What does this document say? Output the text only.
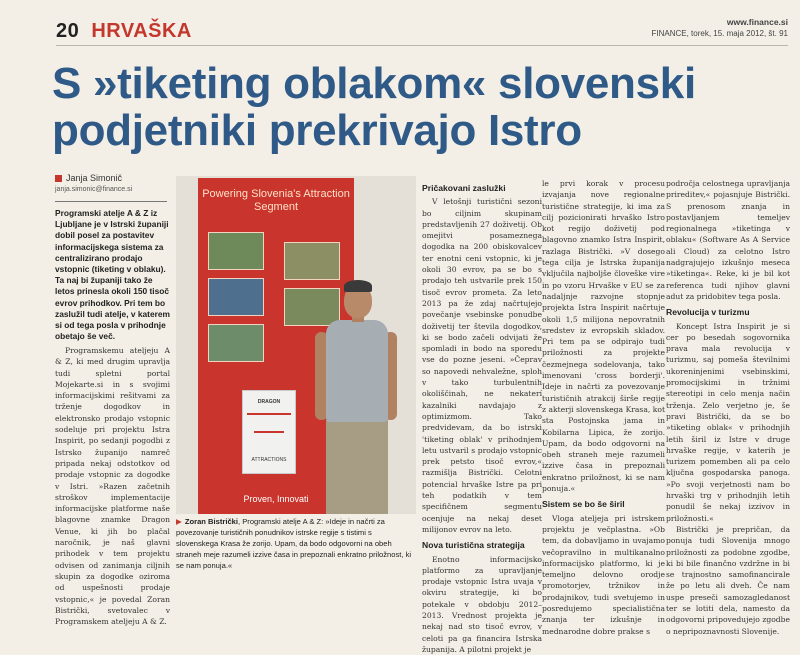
20 HRVAŠKA	www.finance.si
FINANCE, torek, 15. maja 2012, št. 91
S »tiketing oblakom« slovenski podjetniki prekrivajo Istro
Janja Simonič
janja.simonic@finance.si
Programski atelje A & Z iz Ljubljane je v Istrski županiji dobil posel za postavitev informacijskega sistema za centralizirano prodajo vstopnic (tiketing v oblaku). Ta naj bi županiji tako že letos prinesla okoli 150 tisoč evrov prihodkov. Pri tem bo zaslužil tudi atelje, v katerem si od tega posla v prihodnje obetajo še več.

Programskemu ateljeju A & Z, ki med drugim upravlja tudi spletni portal Mojekarte.si in s svojimi informacijskimi rešitvami za trženje dogodkov in elektronsko prodajo vstopnic sodeluje pri projektu Istra Inspirit, po sedanji pogodbi z Istrsko županijo namreč pripada nekaj odstotkov od prodaje vstopnic za dogodke v Istri. »Razen začetnih stroškov implementacije informacijske platforme naše blagovne znamke Dragon Venue, ki jih bo plačal naročnik, je naš glavni prihodek v tem projektu odvisen od zanimanja ciljnih skupin za dogodke oziroma od uspešnosti prodaje vstopnic,« je povedal Zoran Bistrički, svetovalec v Programskem ateljeju A & Z.

Powering Slovenia's Attraction Segment
DRAGON
ATTRACTIONS
Proven, Innovati
▶ Zoran Bistrički, Programski atelje A & Z: »Ideje in načrti za povezovanje turističnih ponudnikov istrske regije s tistimi s slovenskega Krasa že zorijo. Upam, da bodo odgovorni na obeh straneh meje razumeli izzive časa in prepoznali enkratno priložnost, ki se nam ponuja.«
Pričakovani zaslužki

V letošnji turistični sezoni bo ciljnim skupinam predstavljenih 27 doživetij. Ob omejitvi posameznega dogodka na 200 obiskovalcev ter enotni ceni vstopnic, ki je okoli 30 evrov, pa se bo s prodajo teh ustvarile prek 150 tisoč evrov prometa. Za leto 2013 pa že zdaj načrtujejo povečanje vsebinske ponudbe doživetij ter števila dogodkov, ki se bodo začeli odvijati že spomladi in bodo na sporedu vse do pozne jeseni. »Čeprav so napovedi nehvaležne, sploh v tako turbulentnih okoliščinah, ne nekaterí kazalniki navdajajo z optimizmom. Tako predvidevam, da bo istrski 'tiketing oblak' v prihodnjem letu ustvaril s prodajo vstopnic prek petsto tisoč evrov,« razmišlja Bistrički. Celotni potencial hrvaške Istre pa pri teh podatkih v tem specifičnem segmentu ocenjuje na nekaj deset milijonov evrov na leto.

Nova turistična strategija

Enotno informacijsko platformo za upravljanje prodaje vstopnic Istra uvaja v okviru strategije, ki bo potekale v obdobju 2012–2013. Vrednost projekta je nekaj nad sto tisoč evrov, v celoti pa ga financira Istrska županija. A pilotni projekt je

le prvi korak v procesu izvajanja nove regionalne turistične strategije, ki ima za cilj pozicionirati hrvaško Istro kot regijo doživetij pod blagovno znamko Istra Inspirit, razlaga Bistrički. »V dosego tega cilja je Istrska županija vključila najboljše človeške vire in po vzoru Hrvaške v EU se za nadaljnje razvojne stopnje projekta Istra Inspirit načrtuje okoli 1,5 milijona nepovratnih sredstev iz evropskih skladov. Pri tem pa se odpirajo tudi priložnosti za projekte čezmejnega sodelovanja, tako imenovani 'cross borderji'. Ideje in načrti za povezovanje turističnih atrakcij širše regije z akterji slovenskega Krasa, kot sta Postojnska jama in Kobilarna Lipica, že zorijo. Upam, da bodo odgovorni na obeh straneh meje razumeli izzive časa in prepoznali enkratno priložnost, ki se nam ponuja.«

Sistem se bo še širil

Vloga ateljeja pri istrskem projektu je večplastna. »Ob tem, da dobavljamo in uvajamo večopravilno in multikanalno informacijsko platformo, ki je temeljno delovno orodje promotorjev, tržnikov in prodajnikov, tudi svetujemo in posredujemo specialistična znanja ter izkušnje in mednarodne dobre prakse s

področja celostnega upravljanja prireditev,« pojasnjuje Bistrički. S prenosom znanja in postavljanjem temeljev regionalnega »tiketinga v oblaku« (Software As A Service ali Cloud) za celotno Istro nadgrajujejo izkušnjo meseca »tiketinga«. Reke, ki je bil kot referenca tudi njihov glavni adut za pridobitev tega posla.

Revolucija v turizmu

Koncept Istra Inspirit je si cer po besedah sogovornika prava mala revolucija v turizmu, saj pomeša številnimi ukoreninjenimi vsebinskimi, promocijskimi in tržnimi stereotipi in celo menja način trženja. Zelo verjetno je, še pravi Bistrički, da se bo »tiketing oblak« v prihodnjih letih širil iz Istre v druge hrvaške regije, v katerih je turizem pomemben ali pa celo ključna gospodarska panoga. »Po svoji verjetnosti nam bo hrvaški trg v prihodnjih letih ponudil še nekaj izzivov in priložnosti.«

Bistrički je prepričan, da ponuja tudi Slovenija mnogo priložnosti za podobne zgodbe, ki bi bile finančno vzdržne in bi se trajnostno samofinancirale že po letu ali dveh. Če nam uspe preseči samozagledanost ter se lotiti dela, namesto da odgovorni pripovedujejo zgodbe o nepripoznavnosti Slovenije.
